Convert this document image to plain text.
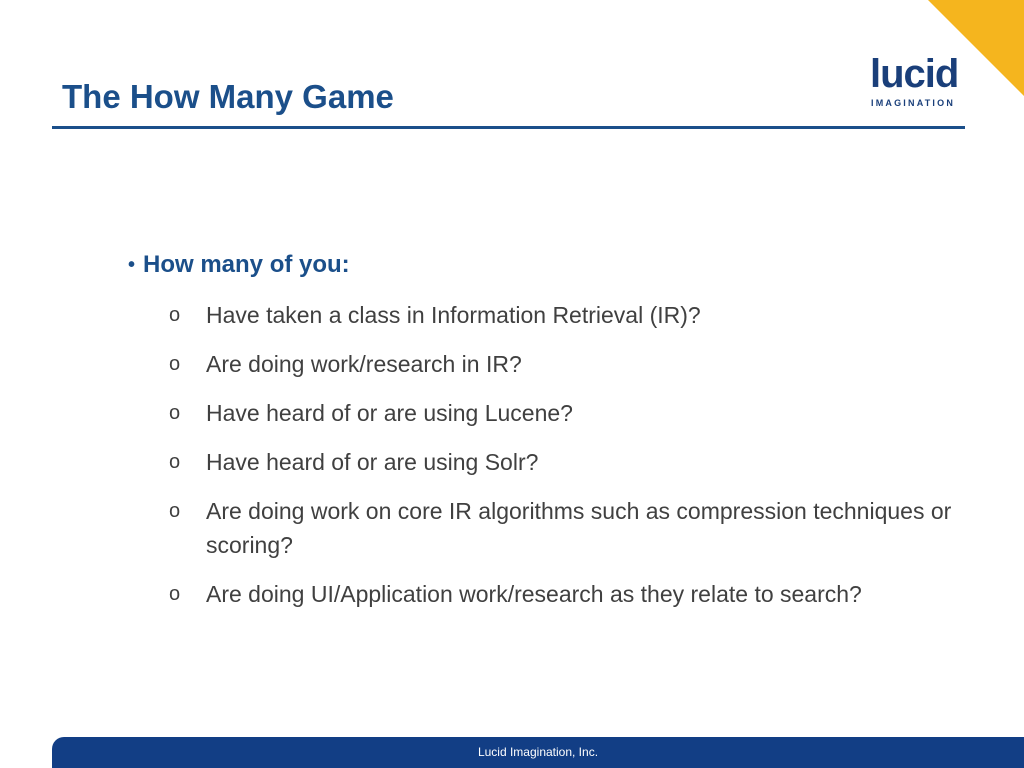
The How Many Game
lucid
IMAGINATION
• How many of you:
o Have taken a class in Information Retrieval (IR)?
o Are doing work/research in IR?
o Have heard of or are using Lucene?
o Have heard of or are using Solr?
o Are doing work on core IR algorithms such as compression techniques or scoring?
o Are doing UI/Application work/research as they relate to search?
Lucid Imagination, Inc.
